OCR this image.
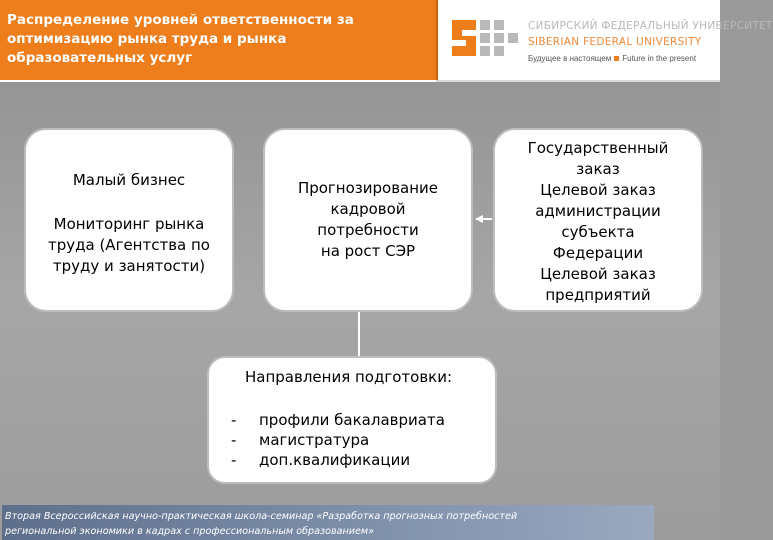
Распределение уровней ответственности за
оптимизацию рынка труда и рынка
образовательных услуг
СИБИРСКИЙ ФЕДЕРАЛЬНЫЙ УНИВЕРСИТЕТ
SIBERIAN FEDERAL UNIVERSITY
Будущее в настоящем Future in the present
Малый бизнес
Мониторинг рынка
труда (Агентства по
труду и занятости)
Прогнозирование
кадровой
потребности
на рост СЭР
Государственный
заказ
Целевой заказ
администрации
субъекта
Федерации
Целевой заказ
предприятий
Направления подготовки:
- профили бакалавриата
- магистратура
- доп.квалификации
Вторая Всероссийская научно-практическая школа-семинар «Разработка прогнозных потребностей
региональной экономики в кадрах с профессиональным образованием»
